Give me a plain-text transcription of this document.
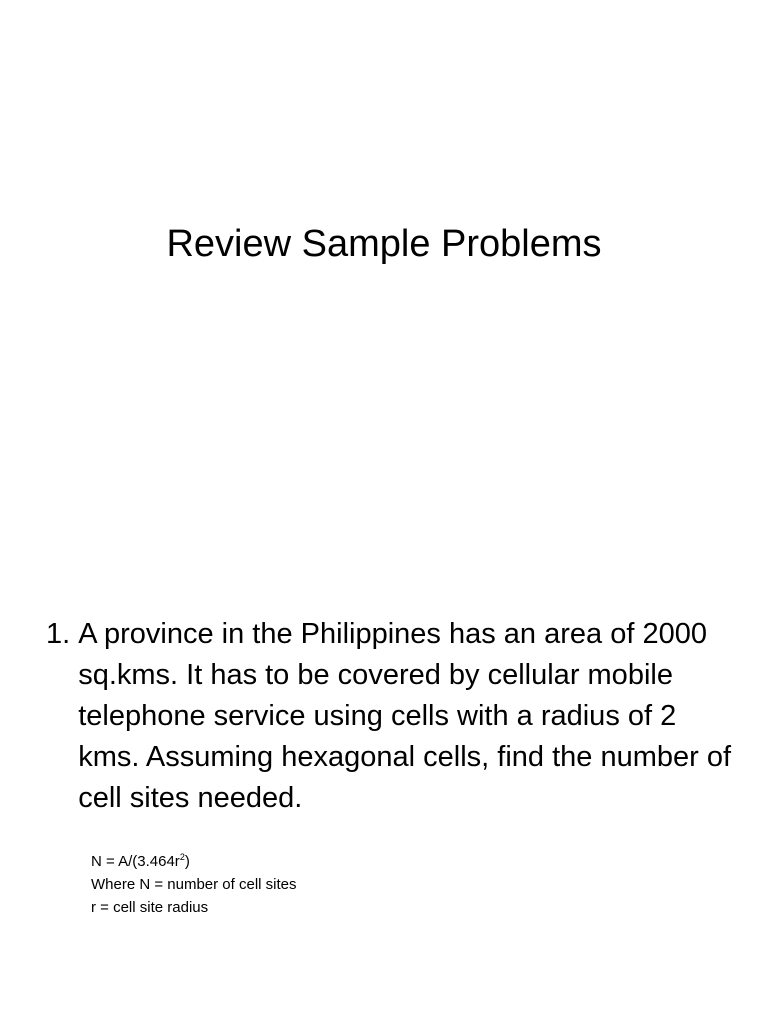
Review Sample Problems
1. A province in the Philippines has an area of 2000 sq.kms. It has to be covered by cellular mobile telephone service using cells with a radius of 2 kms. Assuming hexagonal cells, find the number of cell sites needed.
$N = A/(3.464r^2)$
Where N = number of cell sites
r = cell site radius
